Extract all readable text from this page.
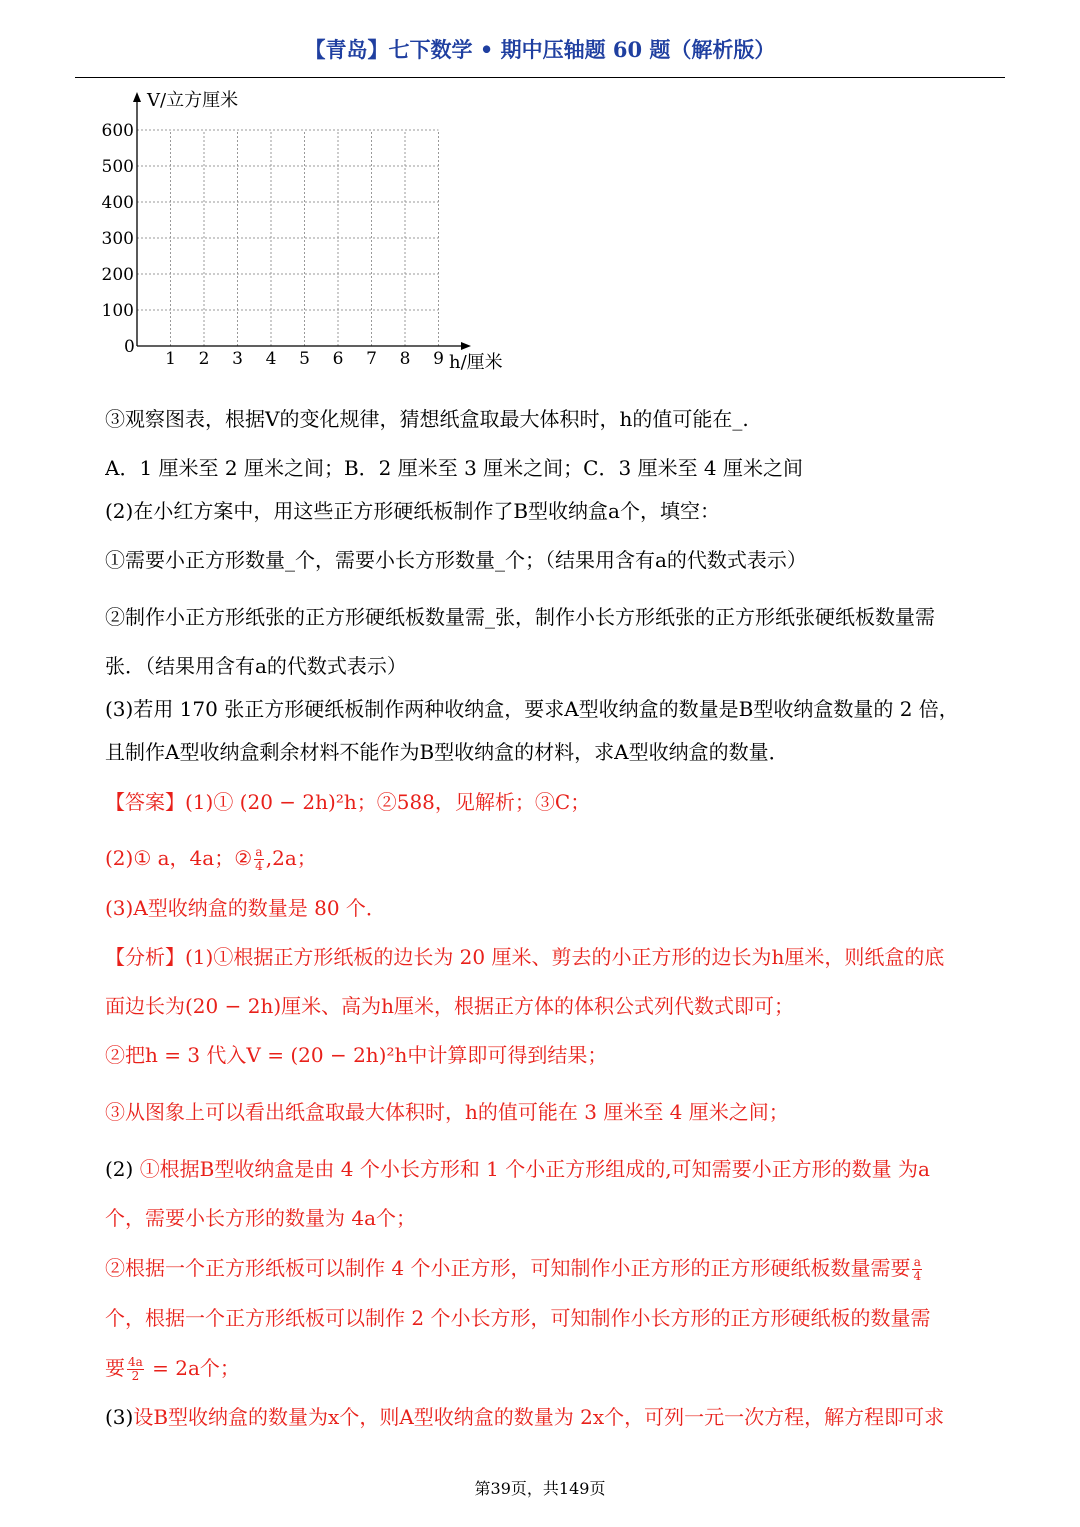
【青岛】七下数学 • 期中压轴题 60 题（解析版）
V/立方厘米
h/厘米
0
1 2 3 4 5 6 7 8 9
100
200
300
400
500
600
③观察图表，根据V的变化规律，猜想纸盒取最大体积时，h的值可能在_.
A．1 厘米至 2 厘米之间；B．2 厘米至 3 厘米之间；C．3 厘米至 4 厘米之间
(2)在小红方案中，用这些正方形硬纸板制作了B型收纳盒a个，填空：
①需要小正方形数量_个，需要小长方形数量_个；（结果用含有a的代数式表示）
②制作小正方形纸张的正方形硬纸板数量需_张，制作小长方形纸张的正方形纸张硬纸板数量需
张．（结果用含有a的代数式表示）
(3)若用 170 张正方形硬纸板制作两种收纳盒，要求A型收纳盒的数量是B型收纳盒数量的 2 倍，
且制作A型收纳盒剩余材料不能作为B型收纳盒的材料，求A型收纳盒的数量．
【答案】(1)① (20 − 2h)²h；②588，见解析；③C；
(2)① a，4a；② $\frac{a}{4} ,2a$；
(3)A型收纳盒的数量是 80 个．
【分析】(1)①根据正方形纸板的边长为 20 厘米、剪去的小正方形的边长为h厘米，则纸盒的底
面边长为(20 − 2h)厘米、高为h厘米，根据正方体的体积公式列代数式即可；
②把h = 3 代入V = (20 − 2h)²h中计算即可得到结果；
③从图象上可以看出纸盒取最大体积时，h的值可能在 3 厘米至 4 厘米之间；
(2) ①根据B型收纳盒是由 4 个小长方形和 1 个小正方形组成的,可知需要小正方形的数量 为a
个，需要小长方形的数量为 4a个；
②根据一个正方形纸板可以制作 4 个小正方形，可知制作小正方形的正方形硬纸板数量需要 $\frac{a}{4}$
个，根据一个正方形纸板可以制作 2 个小长方形，可知制作小长方形的正方形硬纸板的数量需
要 $\frac{4a}{2} = 2a$个；
(3)设B型收纳盒的数量为x个，则A型收纳盒的数量为 2x个，可列一元一次方程，解方程即可求
第39页，共149页
